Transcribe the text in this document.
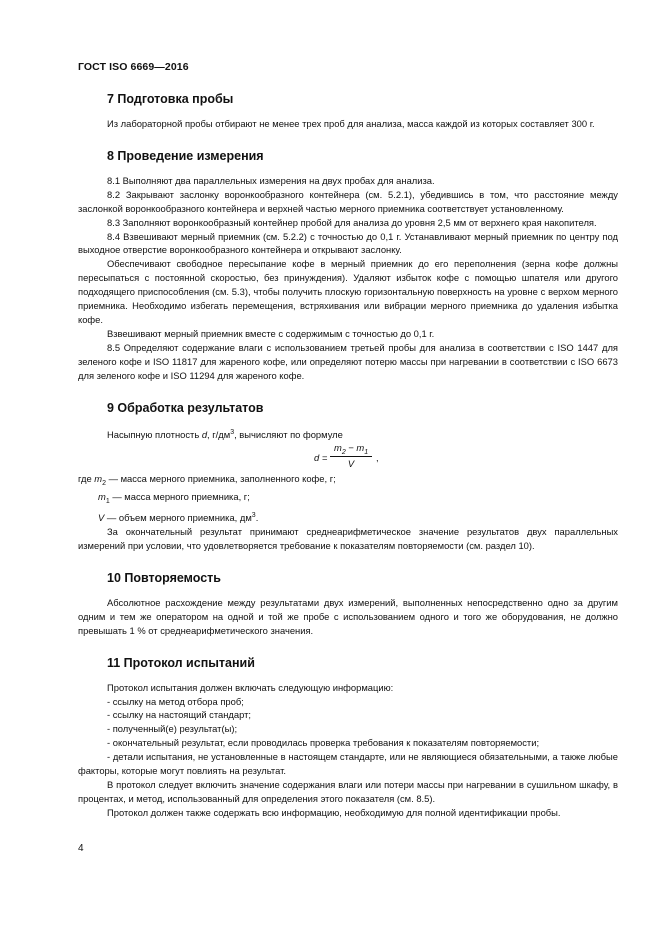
ГОСТ ISO 6669—2016
7 Подготовка пробы

Из лабораторной пробы отбирают не менее трех проб для анализа, масса каждой из которых составляет 300 г.

8 Проведение измерения

8.1 Выполняют два параллельных измерения на двух пробах для анализа.

8.2 Закрывают заслонку воронкообразного контейнера (см. 5.2.1), убедившись в том, что расстояние между заслонкой воронкообразного контейнера и верхней частью мерного приемника соответствует установленному.

8.3 Заполняют воронкообразный контейнер пробой для анализа до уровня 2,5 мм от верхнего края накопителя.

8.4 Взвешивают мерный приемник (см. 5.2.2) с точностью до 0,1 г. Устанавливают мерный приемник по центру под выходное отверстие воронкообразного контейнера и открывают заслонку.

Обеспечивают свободное пересыпание кофе в мерный приемник до его переполнения (зерна кофе должны пересыпаться с постоянной скоростью, без принуждения). Удаляют избыток кофе с помощью шпателя или другого подходящего приспособления (см. 5.3), чтобы получить плоскую горизонтальную поверхность на уровне с верхом мерного приемника. Необходимо избегать перемещения, встряхивания или вибрации мерного приемника до удаления избытка кофе.

Взвешивают мерный приемник вместе с содержимым с точностью до 0,1 г.

8.5 Определяют содержание влаги с использованием третьей пробы для анализа в соответствии с ISO 1447 для зеленого кофе и ISO 11817 для жареного кофе, или определяют потерю массы при нагревании в соответствии с ISO 6673 для зеленого кофе и ISO 11294 для жареного кофе.

9 Обработка результатов

Насыпную плотность d, $г/дм^3$, вычисляют по формуле

$d = \frac{m_2 - m_1}{V}$ ,
где $m_2$ — масса мерного приемника, заполненного кофе, г;
$m_1$ — масса мерного приемника, г;
V — объем мерного приемника, $дм^3$.

За окончательный результат принимают среднеарифметическое значение результатов двух параллельных измерений при условии, что удовлетворяется требование к показателям повторяемости (см. раздел 10).

10 Повторяемость

Абсолютное расхождение между результатами двух измерений, выполненных непосредственно одно за другим одним и тем же оператором на одной и той же пробе с использованием одного и того же оборудования, не должно превышать 1 % от среднеарифметического значения.

11 Протокол испытаний

Протокол испытания должен включать следующую информацию:

- ссылку на метод отбора проб;

- ссылку на настоящий стандарт;

- полученный(е) результат(ы);

- окончательный результат, если проводилась проверка требования к показателям повторяемости;

- детали испытания, не установленные в настоящем стандарте, или не являющиеся обязательными, а также любые факторы, которые могут повлиять на результат.

В протокол следует включить значение содержания влаги или потери массы при нагревании в сушильном шкафу, в процентах, и метод, использованный для определения этого показателя (см. 8.5).

Протокол должен также содержать всю информацию, необходимую для полной идентификации пробы.

4
